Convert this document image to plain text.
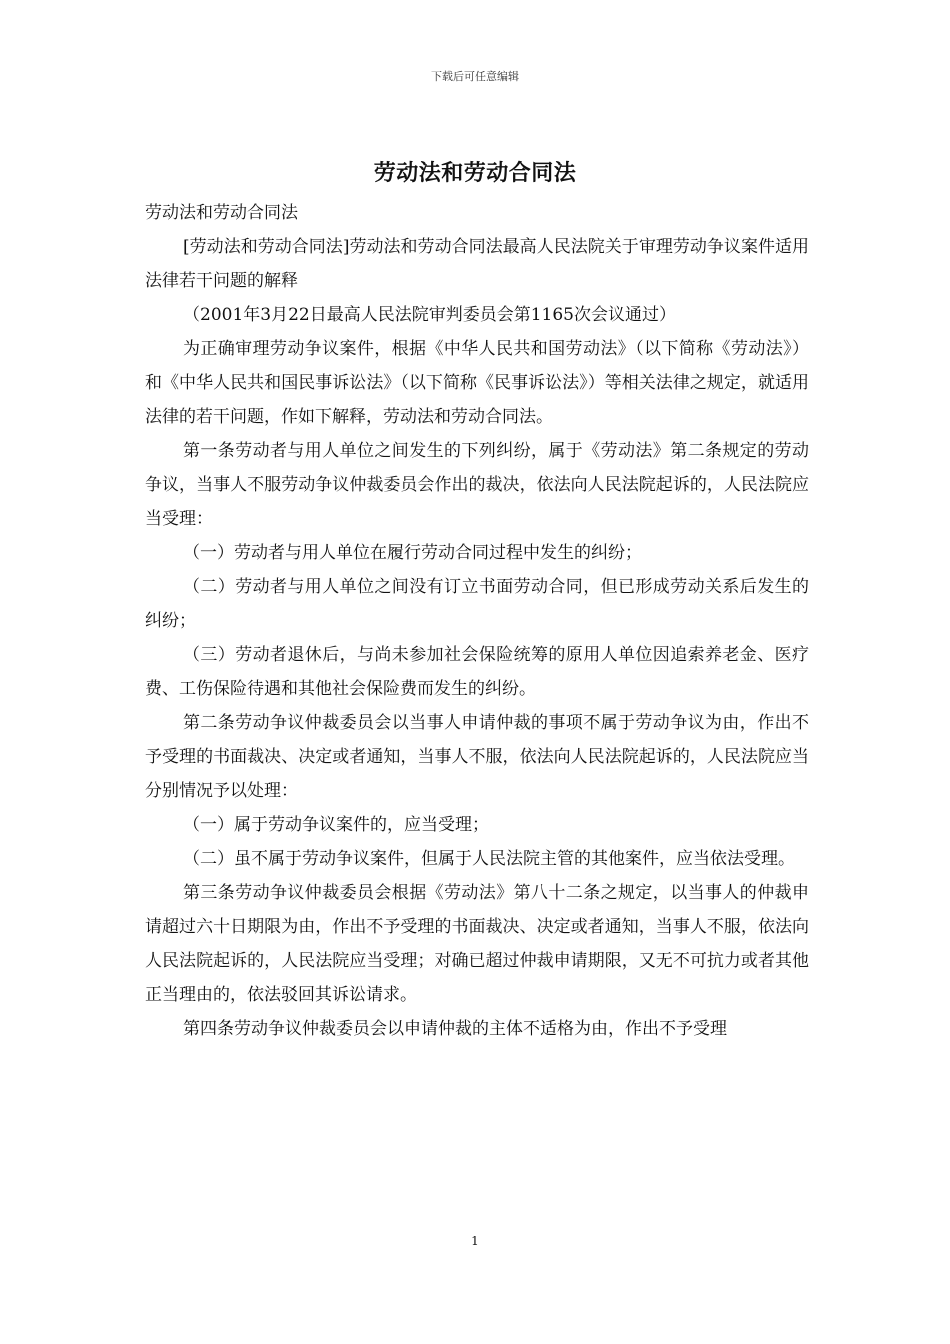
下载后可任意编辑
劳动法和劳动合同法

劳动法和劳动合同法

[劳动法和劳动合同法]劳动法和劳动合同法最高人民法院关于审理劳动争议案件适用法律若干问题的解释

（2001年3月22日最高人民法院审判委员会第1165次会议通过）

为正确审理劳动争议案件，根据《中华人民共和国劳动法》（以下简称《劳动法》）和《中华人民共和国民事诉讼法》（以下简称《民事诉讼法》）等相关法律之规定，就适用法律的若干问题，作如下解释，劳动法和劳动合同法。

第一条劳动者与用人单位之间发生的下列纠纷，属于《劳动法》第二条规定的劳动争议，当事人不服劳动争议仲裁委员会作出的裁决，依法向人民法院起诉的，人民法院应当受理：

（一）劳动者与用人单位在履行劳动合同过程中发生的纠纷；

（二）劳动者与用人单位之间没有订立书面劳动合同，但已形成劳动关系后发生的纠纷；

（三）劳动者退休后，与尚未参加社会保险统筹的原用人单位因追索养老金、医疗费、工伤保险待遇和其他社会保险费而发生的纠纷。

第二条劳动争议仲裁委员会以当事人申请仲裁的事项不属于劳动争议为由，作出不予受理的书面裁决、决定或者通知，当事人不服，依法向人民法院起诉的，人民法院应当分别情况予以处理：

（一）属于劳动争议案件的，应当受理；

（二）虽不属于劳动争议案件，但属于人民法院主管的其他案件，应当依法受理。

第三条劳动争议仲裁委员会根据《劳动法》第八十二条之规定，以当事人的仲裁申请超过六十日期限为由，作出不予受理的书面裁决、决定或者通知，当事人不服，依法向人民法院起诉的，人民法院应当受理；对确已超过仲裁申请期限，又无不可抗力或者其他正当理由的，依法驳回其诉讼请求。

第四条劳动争议仲裁委员会以申请仲裁的主体不适格为由，作出不予受理

1
